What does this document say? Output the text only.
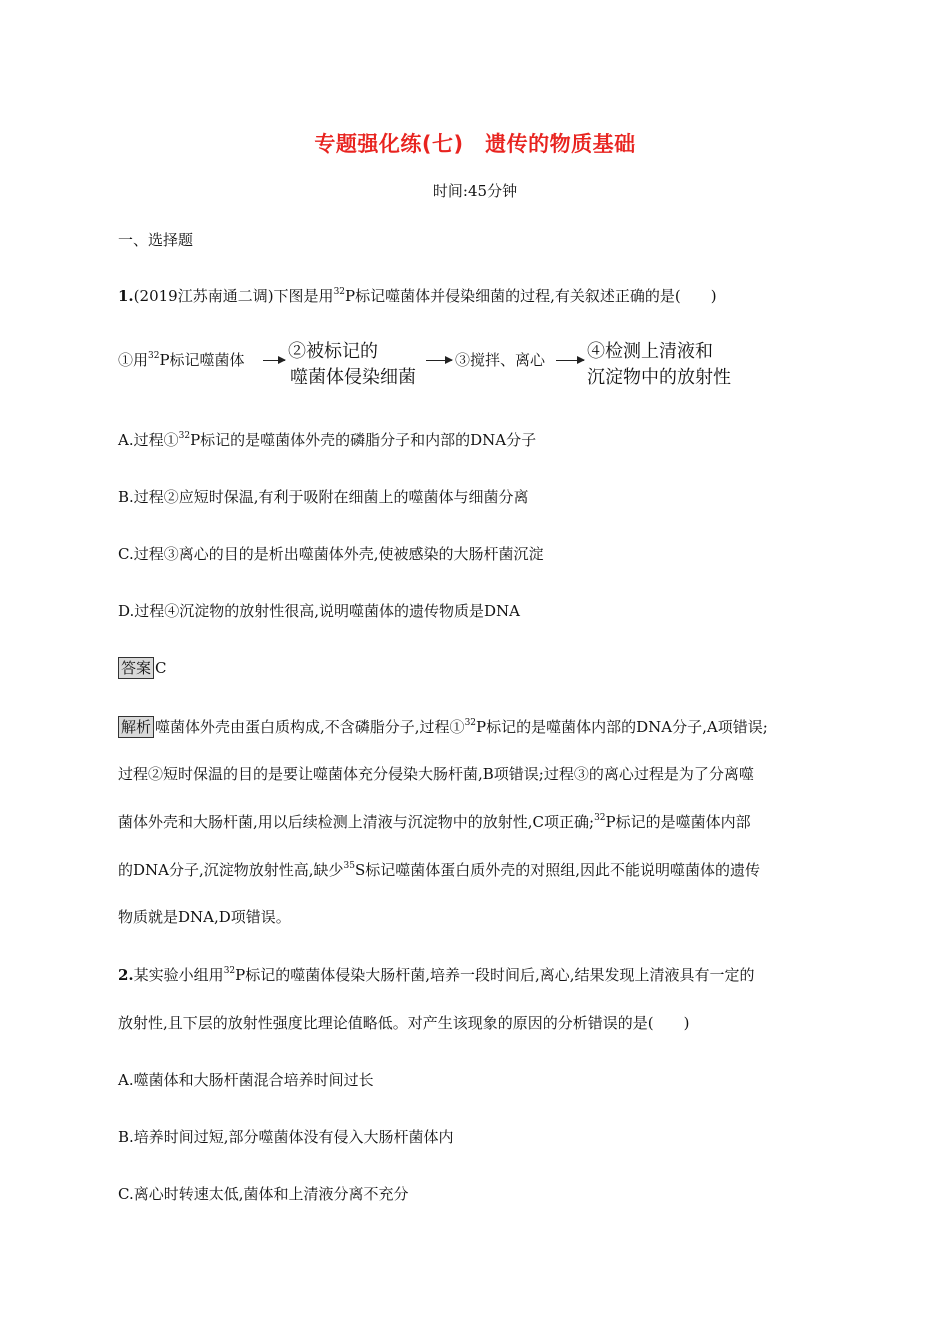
专题强化练(七)　遗传的物质基础
时间:45分钟
一、选择题
1.(2019江苏南通二调)下图是用$^{32}$P标记噬菌体并侵染细菌的过程,有关叙述正确的是(　　)
①用$^{32}$P标记噬菌体 ②被标记的
噬菌体侵染细菌
③搅拌、离心 ④检测上清液和
沉淀物中的放射性
A.过程①$^{32}$P标记的是噬菌体外壳的磷脂分子和内部的DNA分子
B.过程②应短时保温,有利于吸附在细菌上的噬菌体与细菌分离
C.过程③离心的目的是析出噬菌体外壳,使被感染的大肠杆菌沉淀
D.过程④沉淀物的放射性很高,说明噬菌体的遗传物质是DNA
答案 C
解析 噬菌体外壳由蛋白质构成,不含磷脂分子,过程①$^{32}$P标记的是噬菌体内部的DNA分子,A项错误;
过程②短时保温的目的是要让噬菌体充分侵染大肠杆菌,B项错误;过程③的离心过程是为了分离噬
菌体外壳和大肠杆菌,用以后续检测上清液与沉淀物中的放射性,C项正确;$^{32}$P标记的是噬菌体内部
的DNA分子,沉淀物放射性高,缺少$^{35}$S标记噬菌体蛋白质外壳的对照组,因此不能说明噬菌体的遗传
物质就是DNA,D项错误。
2.某实验小组用$^{32}$P标记的噬菌体侵染大肠杆菌,培养一段时间后,离心,结果发现上清液具有一定的
放射性,且下层的放射性强度比理论值略低。对产生该现象的原因的分析错误的是(　　)
A.噬菌体和大肠杆菌混合培养时间过长
B.培养时间过短,部分噬菌体没有侵入大肠杆菌体内
C.离心时转速太低,菌体和上清液分离不充分
